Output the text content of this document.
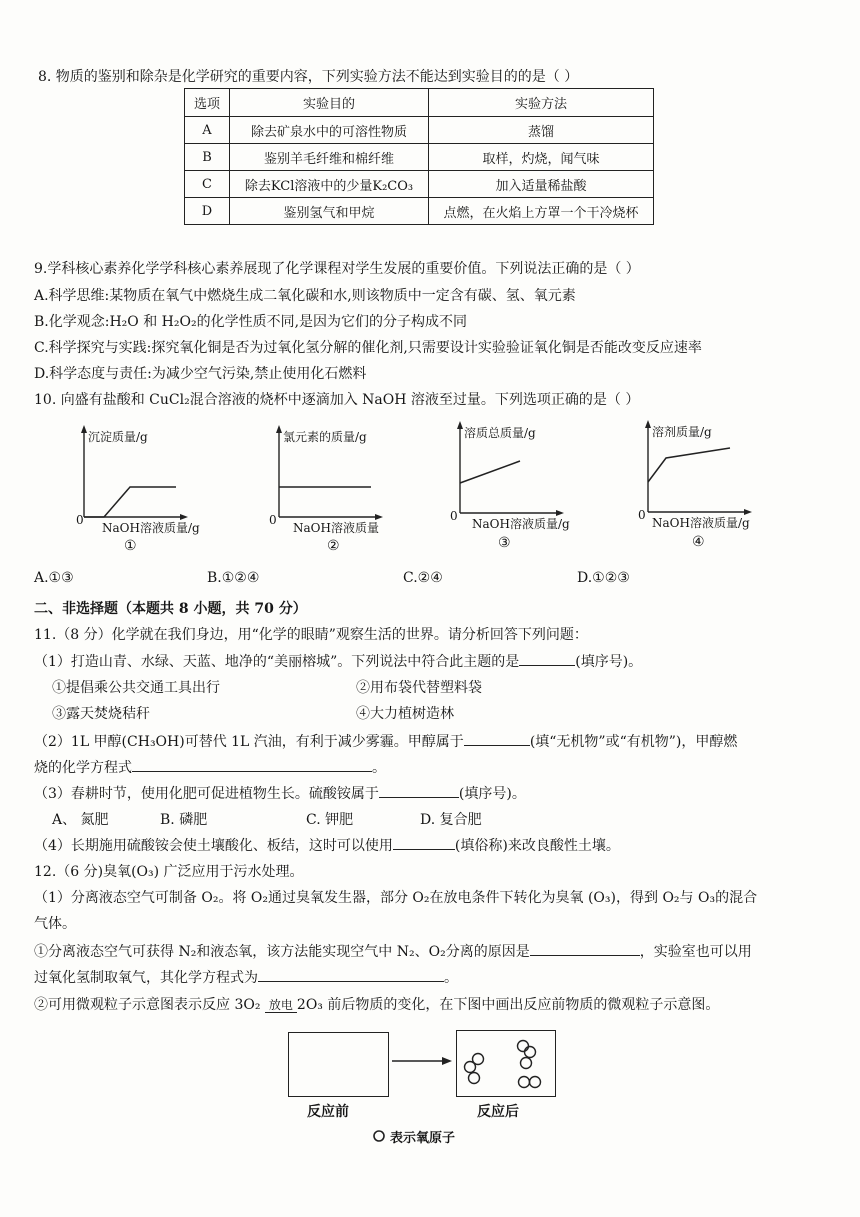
8. 物质的鉴别和除杂是化学研究的重要内容，下列实验方法不能达到实验目的的是（ ）
选项	实验目的	实验方法
A	除去矿泉水中的可溶性物质	蒸馏
B	鉴别羊毛纤维和棉纤维	取样，灼烧，闻气味
C	除去KCl溶液中的少量K₂CO₃	加入适量稀盐酸
D	鉴别氢气和甲烷	点燃，在火焰上方罩一个干冷烧杯
9.学科核心素养化学学科核心素养展现了化学课程对学生发展的重要价值。下列说法正确的是（ ）
A.科学思维:某物质在氧气中燃烧生成二氧化碳和水,则该物质中一定含有碳、氢、氧元素
B.化学观念:H₂O 和 H₂O₂的化学性质不同,是因为它们的分子构成不同
C.科学探究与实践:探究氧化铜是否为过氧化氢分解的催化剂,只需要设计实验验证氧化铜是否能改变反应速率
D.科学态度与责任:为减少空气污染,禁止使用化石燃料
10. 向盛有盐酸和 CuCl₂混合溶液的烧杯中逐滴加入 NaOH 溶液至过量。下列选项正确的是（ ）
沉淀质量/g
0
NaOH溶液质量/g
①
氯元素的质量/g
0
NaOH溶液质量
②
溶质总质量/g
0
NaOH溶液质量/g
③
溶剂质量/g
0
NaOH溶液质量/g
④
A.①③	B.①②④	C.②④	D.①②③
二、非选择题（本题共 8 小题，共 70 分）
11.（8 分）化学就在我们身边，用“化学的眼睛”观察生活的世界。请分析回答下列问题：
（1）打造山青、水绿、天蓝、地净的“美丽榕城”。下列说法中符合此主题的是	(填序号)。
①提倡乘公共交通工具出行	②用布袋代替塑料袋
③露天焚烧秸秆	④大力植树造林
（2）1L 甲醇(CH₃OH)可替代 1L 汽油，有利于减少雾霾。甲醇属于	(填“无机物”或“有机物”)，甲醇燃
烧的化学方程式	。
（3）春耕时节，使用化肥可促进植物生长。硫酸铵属于	(填序号)。
A、 氮肥	B. 磷肥	C. 钾肥	D. 复合肥
（4）长期施用硫酸铵会使土壤酸化、板结，这时可以使用	(填俗称)来改良酸性土壤。
12.（6 分)臭氧(O₃) 广泛应用于污水处理。
（1）分离液态空气可制备 O₂。将 O₂通过臭氧发生器，部分 O₂在放电条件下转化为臭氧 (O₃)，得到 O₂与 O₃的混合
气体。
①分离液态空气可获得 N₂和液态氧，该方法能实现空气中 N₂、O₂分离的原因是	，实验室也可以用
过氧化氢制取氧气，其化学方程式为	。
②可用微观粒子示意图表示反应 3O₂ 放电 2O₃ 前后物质的变化，在下图中画出反应前物质的微观粒子示意图。
反应前	反应后
表示氧原子
